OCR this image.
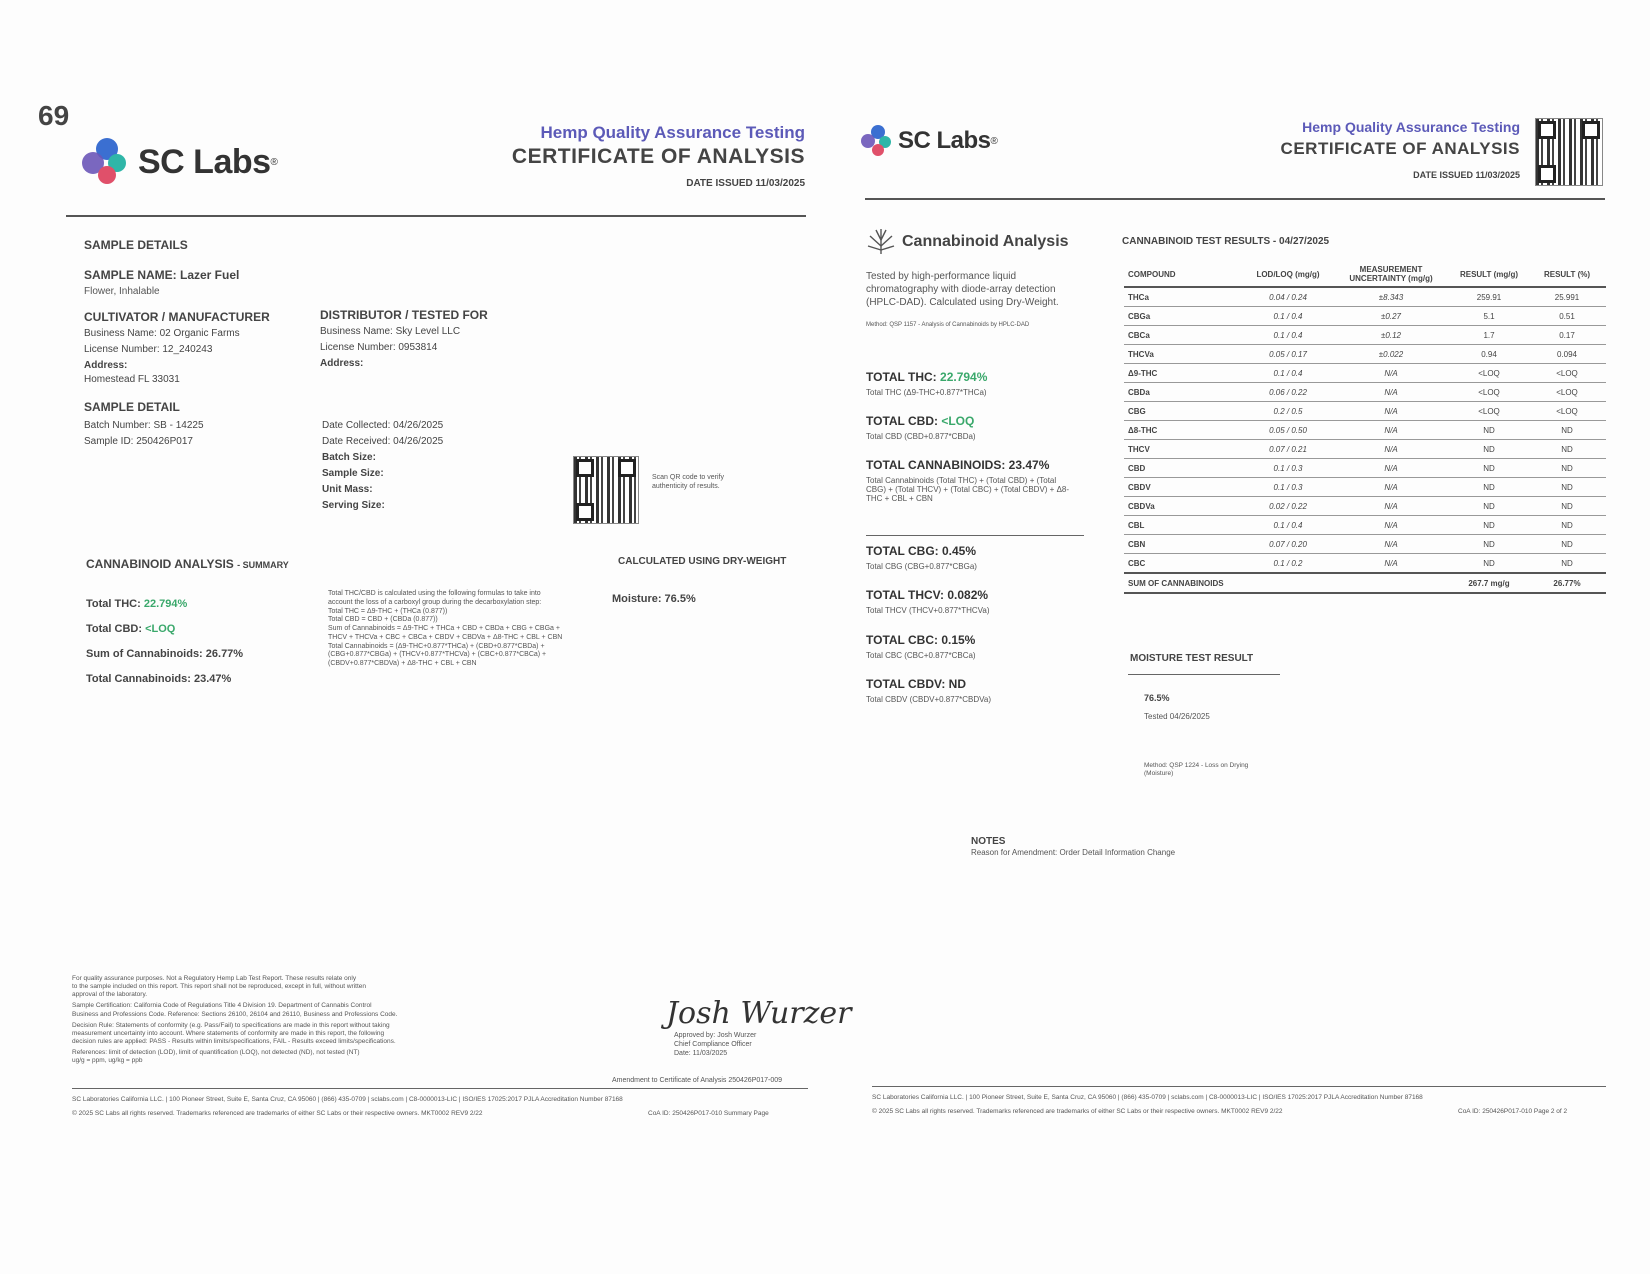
69
SC Labs ®
Hemp Quality Assurance Testing
CERTIFICATE OF ANALYSIS
DATE ISSUED 11/03/2025
SAMPLE DETAILS
SAMPLE NAME: Lazer Fuel
Flower, Inhalable
CULTIVATOR / MANUFACTURER
Business Name: 02 Organic Farms
License Number: 12_240243
Address:
Homestead FL 33031
DISTRIBUTOR / TESTED FOR
Business Name: Sky Level LLC
License Number: 0953814
Address:
SAMPLE DETAIL
Batch Number: SB - 14225
Sample ID: 250426P017
Date Collected: 04/26/2025
Date Received: 04/26/2025
Batch Size:
Sample Size:
Unit Mass:
Serving Size:
Scan QR code to verify authenticity of results.
CANNABINOID ANALYSIS - SUMMARY	CALCULATED USING DRY-WEIGHT
Total THC: 22.794%
Total CBD: <LOQ
Sum of Cannabinoids: 26.77%
Total Cannabinoids: 23.47%
Total THC/CBD is calculated using the following formulas to take into
account the loss of a carboxyl group during the decarboxylation step:
Total THC = Δ9-THC + (THCa (0.877))
Total CBD = CBD + (CBDa (0.877))
Sum of Cannabinoids = Δ9-THC + THCa + CBD + CBDa + CBG + CBGa +
THCV + THCVa + CBC + CBCa + CBDV + CBDVa + Δ8-THC + CBL + CBN
Total Cannabinoids = (Δ9-THC+0.877*THCa) + (CBD+0.877*CBDa) +
(CBG+0.877*CBGa) + (THCV+0.877*THCVa) + (CBC+0.877*CBCa) +
(CBDV+0.877*CBDVa) + Δ8-THC + CBL + CBN
Moisture: 76.5%
For quality assurance purposes. Not a Regulatory Hemp Lab Test Report. These results relate only
to the sample included on this report. This report shall not be reproduced, except in full, without written
approval of the laboratory.
Sample Certification: California Code of Regulations Title 4 Division 19. Department of Cannabis Control
Business and Professions Code. Reference: Sections 26100, 26104 and 26110, Business and Professions Code.
Decision Rule: Statements of conformity (e.g. Pass/Fail) to specifications are made in this report without taking
measurement uncertainty into account. Where statements of conformity are made in this report, the following
decision rules are applied: PASS - Results within limits/specifications, FAIL - Results exceed limits/specifications.
References: limit of detection (LOD), limit of quantification (LOQ), not detected (ND), not tested (NT)
ug/g = ppm, ug/kg = ppb
Josh Wurzer
Approved by: Josh Wurzer
Chief Compliance Officer
Date: 11/03/2025
Amendment to Certificate of Analysis 250426P017-009
SC Laboratories California LLC. | 100 Pioneer Street, Suite E, Santa Cruz, CA 95060 | (866) 435-0709 | sclabs.com | C8-0000013-LIC | ISO/IES 17025:2017 PJLA Accreditation Number 87168
© 2025 SC Labs all rights reserved. Trademarks referenced are trademarks of either SC Labs or their respective owners. MKT0002 REV9 2/22	CoA ID: 250426P017-010 Summary Page
SC Labs ®
Hemp Quality Assurance Testing
CERTIFICATE OF ANALYSIS
DATE ISSUED 11/03/2025
Cannabinoid Analysis
Tested by high-performance liquid chromatography with diode-array detection (HPLC-DAD). Calculated using Dry-Weight.
Method: QSP 1157 - Analysis of Cannabinoids by HPLC-DAD
TOTAL THC: 22.794%
Total THC (Δ9-THC+0.877*THCa)
TOTAL CBD: <LOQ
Total CBD (CBD+0.877*CBDa)
TOTAL CANNABINOIDS: 23.47%
Total Cannabinoids (Total THC) + (Total CBD) + (Total CBG) + (Total THCV) + (Total CBC) + (Total CBDV) + Δ8-THC + CBL + CBN
TOTAL CBG: 0.45%
Total CBG (CBG+0.877*CBGa)
TOTAL THCV: 0.082%
Total THCV (THCV+0.877*THCVa)
TOTAL CBC: 0.15%
Total CBC (CBC+0.877*CBCa)
TOTAL CBDV: ND
Total CBDV (CBDV+0.877*CBDVa)
CANNABINOID TEST RESULTS - 04/27/2025
COMPOUND	LOD/LOQ (mg/g)	MEASUREMENT UNCERTAINTY (mg/g)	RESULT (mg/g)	RESULT (%)
THCa	0.04 / 0.24	±8.343	259.91	25.991
CBGa	0.1 / 0.4	±0.27	5.1	0.51
CBCa	0.1 / 0.4	±0.12	1.7	0.17
THCVa	0.05 / 0.17	±0.022	0.94	0.094
Δ9-THC	0.1 / 0.4	N/A	<LOQ	<LOQ
CBDa	0.06 / 0.22	N/A	<LOQ	<LOQ
CBG	0.2 / 0.5	N/A	<LOQ	<LOQ
Δ8-THC	0.05 / 0.50	N/A	ND	ND
THCV	0.07 / 0.21	N/A	ND	ND
CBD	0.1 / 0.3	N/A	ND	ND
CBDV	0.1 / 0.3	N/A	ND	ND
CBDVa	0.02 / 0.22	N/A	ND	ND
CBL	0.1 / 0.4	N/A	ND	ND
CBN	0.07 / 0.20	N/A	ND	ND
CBC	0.1 / 0.2	N/A	ND	ND
SUM OF CANNABINOIDS			267.7 mg/g	26.77%
MOISTURE TEST RESULT
76.5%
Tested 04/26/2025
Method: QSP 1224 - Loss on Drying (Moisture)
NOTES
Reason for Amendment: Order Detail Information Change
SC Laboratories California LLC. | 100 Pioneer Street, Suite E, Santa Cruz, CA 95060 | (866) 435-0709 | sclabs.com | C8-0000013-LIC | ISO/IES 17025:2017 PJLA Accreditation Number 87168
© 2025 SC Labs all rights reserved. Trademarks referenced are trademarks of either SC Labs or their respective owners. MKT0002 REV9 2/22	CoA ID: 250426P017-010 Page 2 of 2
